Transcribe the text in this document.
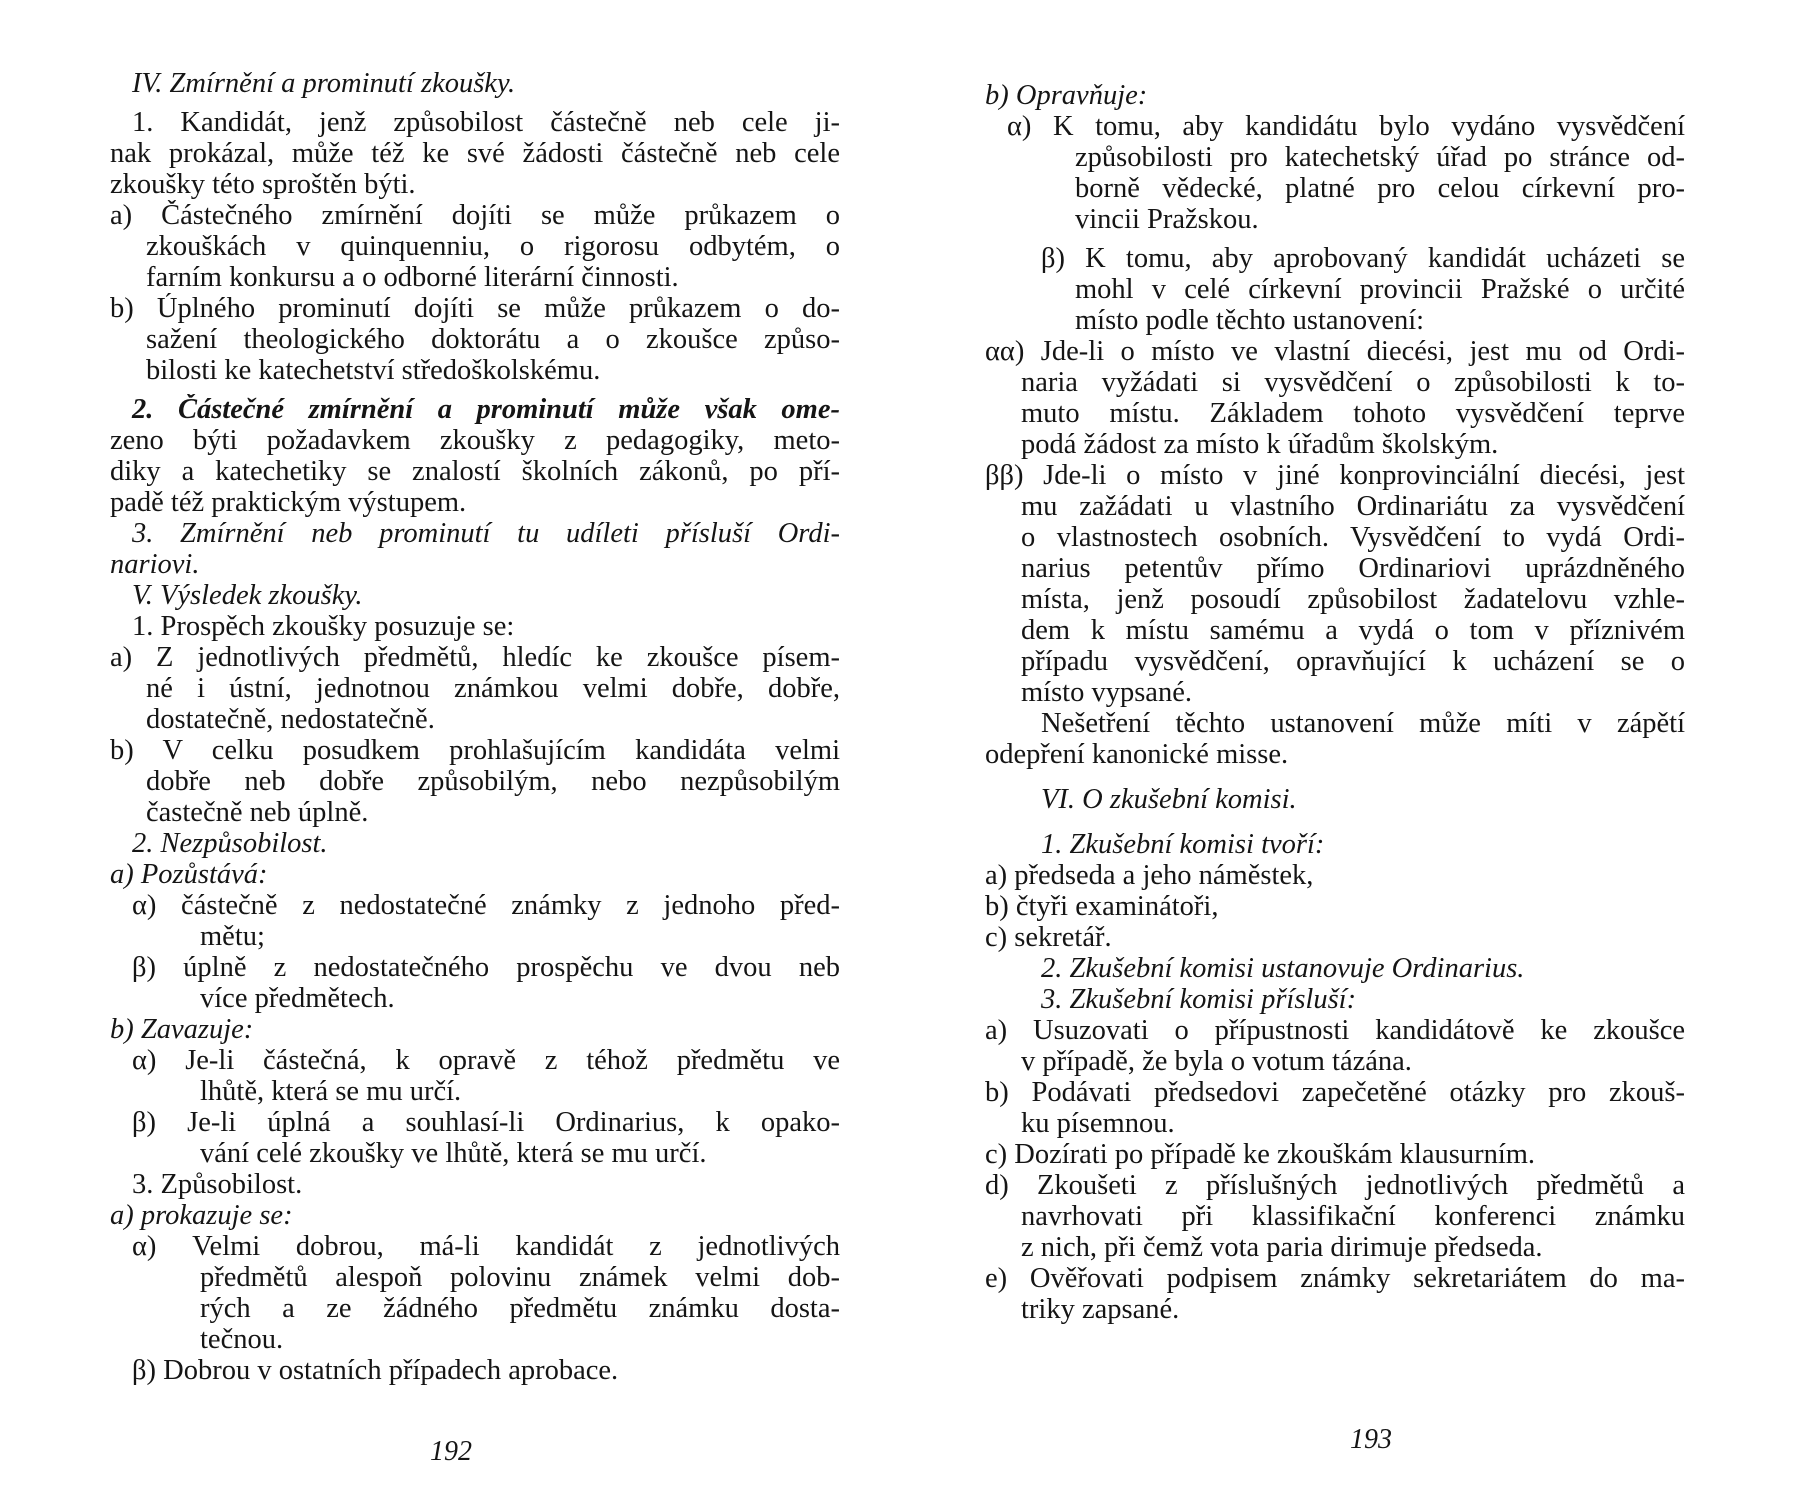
IV. Zmírnění a prominutí zkoušky.
1. Kandidát, jenž způsobilost částečně neb cele ji-
nak prokázal, může též ke své žádosti částečně neb cele
zkoušky této sproštěn býti.
a) Částečného zmírnění dojíti se může průkazem o
zkouškách v quinquenniu, o rigorosu odbytém, o
farním konkursu a o odborné literární činnosti.
b) Úplného prominutí dojíti se může průkazem o do-
sažení theologického doktorátu a o zkoušce způso-
bilosti ke katechetství středoškolskému.
2. Částečné zmírnění a prominutí může však ome-
zeno býti požadavkem zkoušky z pedagogiky, meto-
diky a katechetiky se znalostí školních zákonů, po pří-
padě též praktickým výstupem.
3. Zmírnění neb prominutí tu udíleti přísluší Ordi-
nariovi.
V. Výsledek zkoušky.
1. Prospěch zkoušky posuzuje se:
a) Z jednotlivých předmětů, hledíc ke zkoušce písem-
né i ústní, jednotnou známkou velmi dobře, dobře,
dostatečně, nedostatečně.
b) V celku posudkem prohlašujícím kandidáta velmi
dobře neb dobře způsobilým, nebo nezpůsobilým
častečně neb úplně.
2. Nezpůsobilost.
a) Pozůstává:
α) částečně z nedostatečné známky z jednoho před-
mětu;
β) úplně z nedostatečného prospěchu ve dvou neb
více předmětech.
b) Zavazuje:
α) Je-li částečná, k opravě z téhož předmětu ve
lhůtě, která se mu určí.
β) Je-li úplná a souhlasí-li Ordinarius, k opako-
vání celé zkoušky ve lhůtě, která se mu určí.
3. Způsobilost.
a) prokazuje se:
α) Velmi dobrou, má-li kandidát z jednotlivých
předmětů alespoň polovinu známek velmi dob-
rých a ze žádného předmětu známku dosta-
tečnou.
β) Dobrou v ostatních případech aprobace.
192
b) Opravňuje:
α) K tomu, aby kandidátu bylo vydáno vysvědčení
způsobilosti pro katechetský úřad po stránce od-
borně vědecké, platné pro celou církevní pro-
vincii Pražskou.
β) K tomu, aby aprobovaný kandidát ucházeti se
mohl v celé církevní provincii Pražské o určité
místo podle těchto ustanovení:
αα) Jde-li o místo ve vlastní diecési, jest mu od Ordi-
naria vyžádati si vysvědčení o způsobilosti k to-
muto místu. Základem tohoto vysvědčení teprve
podá žádost za místo k úřadům školským.
ββ) Jde-li o místo v jiné konprovinciální diecési, jest
mu zažádati u vlastního Ordinariátu za vysvědčení
o vlastnostech osobních. Vysvědčení to vydá Ordi-
narius petentův přímo Ordinariovi uprázdněného
místa, jenž posoudí způsobilost žadatelovu vzhle-
dem k místu samému a vydá o tom v příznivém
případu vysvědčení, opravňující k ucházení se o
místo vypsané.
Nešetření těchto ustanovení může míti v zápětí
odepření kanonické misse.
VI. O zkušební komisi.
1. Zkušební komisi tvoří:
a) předseda a jeho náměstek,
b) čtyři examinátoři,
c) sekretář.
2. Zkušební komisi ustanovuje Ordinarius.
3. Zkušební komisi přísluší:
a) Usuzovati o přípustnosti kandidátově ke zkoušce
v případě, že byla o votum tázána.
b) Podávati předsedovi zapečetěné otázky pro zkouš-
ku písemnou.
c) Dozírati po případě ke zkouškám klausurním.
d) Zkoušeti z příslušných jednotlivých předmětů a
navrhovati při klassifikační konferenci známku
z nich, při čemž vota paria dirimuje předseda.
e) Ověřovati podpisem známky sekretariátem do ma-
triky zapsané.
193
